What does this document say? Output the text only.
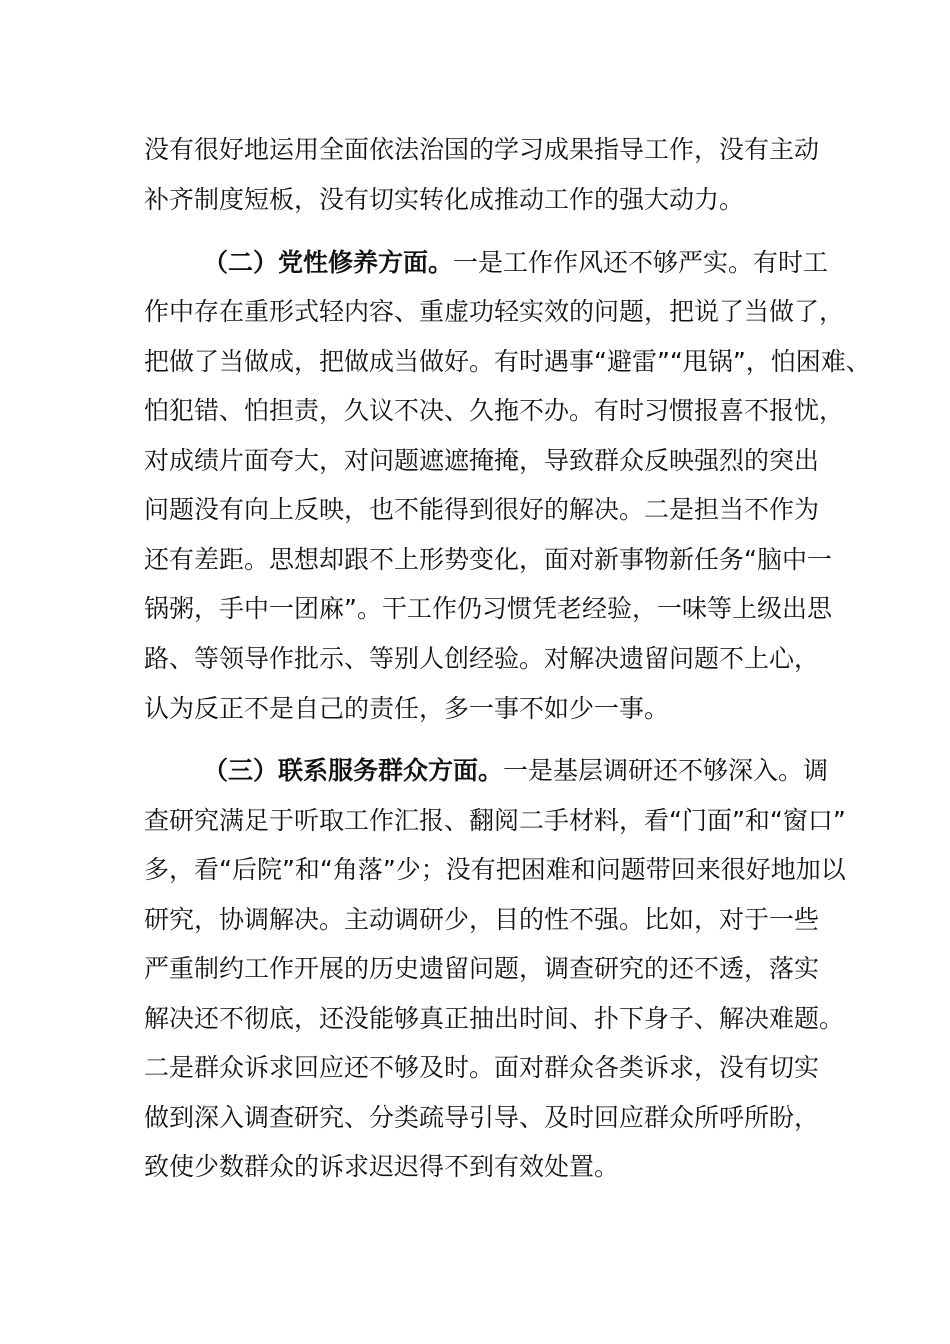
没有很好地运用全面依法治国的学习成果指导工作，没有主动
补齐制度短板，没有切实转化成推动工作的强大动力。
（二）党性修养方面。一是工作作风还不够严实。有时工
作中存在重形式轻内容、重虚功轻实效的问题，把说了当做了，
把做了当做成，把做成当做好。有时遇事“避雷”“甩锅”，怕困难、
怕犯错、怕担责，久议不决、久拖不办。有时习惯报喜不报忧，
对成绩片面夸大，对问题遮遮掩掩，导致群众反映强烈的突出
问题没有向上反映，也不能得到很好的解决。二是担当不作为
还有差距。思想却跟不上形势变化，面对新事物新任务“脑中一
锅粥，手中一团麻”。干工作仍习惯凭老经验，一味等上级出思
路、等领导作批示、等别人创经验。对解决遗留问题不上心，
认为反正不是自己的责任，多一事不如少一事。
（三）联系服务群众方面。一是基层调研还不够深入。调
查研究满足于听取工作汇报、翻阅二手材料，看“门面”和“窗口”
多，看“后院”和“角落”少；没有把困难和问题带回来很好地加以
研究，协调解决。主动调研少，目的性不强。比如，对于一些
严重制约工作开展的历史遗留问题，调查研究的还不透，落实
解决还不彻底，还没能够真正抽出时间、扑下身子、解决难题。
二是群众诉求回应还不够及时。面对群众各类诉求，没有切实
做到深入调查研究、分类疏导引导、及时回应群众所呼所盼，
致使少数群众的诉求迟迟得不到有效处置。
